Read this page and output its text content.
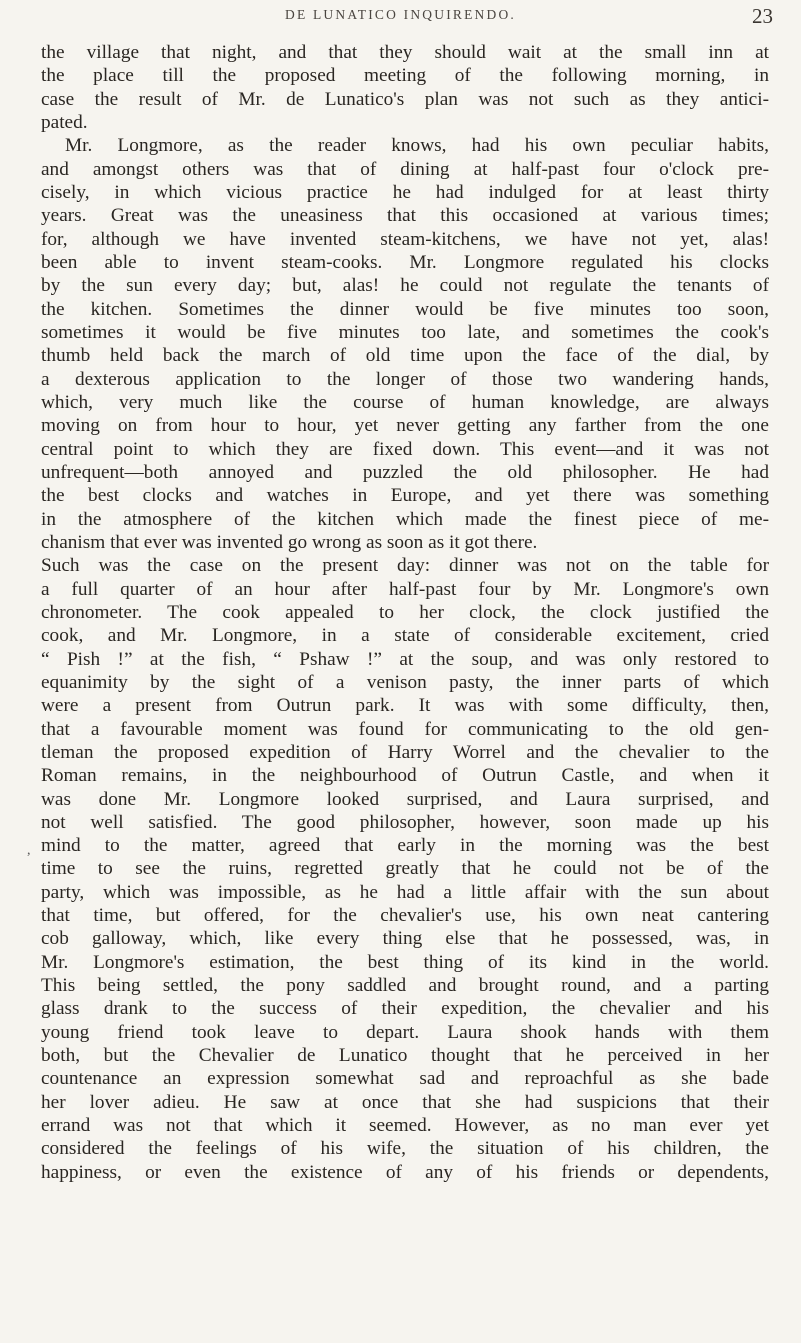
DE LUNATICO INQUIRENDO.	23
,
the village that night, and that they should wait at the small inn at
the place till the proposed meeting of the following morning, in
case the result of Mr. de Lunatico's plan was not such as they antici-
pated.
Mr. Longmore, as the reader knows, had his own peculiar habits,
and amongst others was that of dining at half-past four o'clock pre-
cisely, in which vicious practice he had indulged for at least thirty
years. Great was the uneasiness that this occasioned at various times;
for, although we have invented steam-kitchens, we have not yet, alas!
been able to invent steam-cooks. Mr. Longmore regulated his clocks
by the sun every day; but, alas! he could not regulate the tenants of
the kitchen. Sometimes the dinner would be five minutes too soon,
sometimes it would be five minutes too late, and sometimes the cook's
thumb held back the march of old time upon the face of the dial, by
a dexterous application to the longer of those two wandering hands,
which, very much like the course of human knowledge, are always
moving on from hour to hour, yet never getting any farther from the one
central point to which they are fixed down. This event—and it was not
unfrequent—both annoyed and puzzled the old philosopher. He had
the best clocks and watches in Europe, and yet there was something
in the atmosphere of the kitchen which made the finest piece of me-
chanism that ever was invented go wrong as soon as it got there.
Such was the case on the present day: dinner was not on the table for
a full quarter of an hour after half-past four by Mr. Longmore's own
chronometer. The cook appealed to her clock, the clock justified the
cook, and Mr. Longmore, in a state of considerable excitement, cried
“ Pish !” at the fish, “ Pshaw !” at the soup, and was only restored to
equanimity by the sight of a venison pasty, the inner parts of which
were a present from Outrun park. It was with some difficulty, then,
that a favourable moment was found for communicating to the old gen-
tleman the proposed expedition of Harry Worrel and the chevalier to the
Roman remains, in the neighbourhood of Outrun Castle, and when it
was done Mr. Longmore looked surprised, and Laura surprised, and
not well satisfied. The good philosopher, however, soon made up his
mind to the matter, agreed that early in the morning was the best
time to see the ruins, regretted greatly that he could not be of the
party, which was impossible, as he had a little affair with the sun about
that time, but offered, for the chevalier's use, his own neat cantering
cob galloway, which, like every thing else that he possessed, was, in
Mr. Longmore's estimation, the best thing of its kind in the world.
This being settled, the pony saddled and brought round, and a parting
glass drank to the success of their expedition, the chevalier and his
young friend took leave to depart. Laura shook hands with them
both, but the Chevalier de Lunatico thought that he perceived in her
countenance an expression somewhat sad and reproachful as she bade
her lover adieu. He saw at once that she had suspicions that their
errand was not that which it seemed. However, as no man ever yet
considered the feelings of his wife, the situation of his children, the
happiness, or even the existence of any of his friends or dependents,
